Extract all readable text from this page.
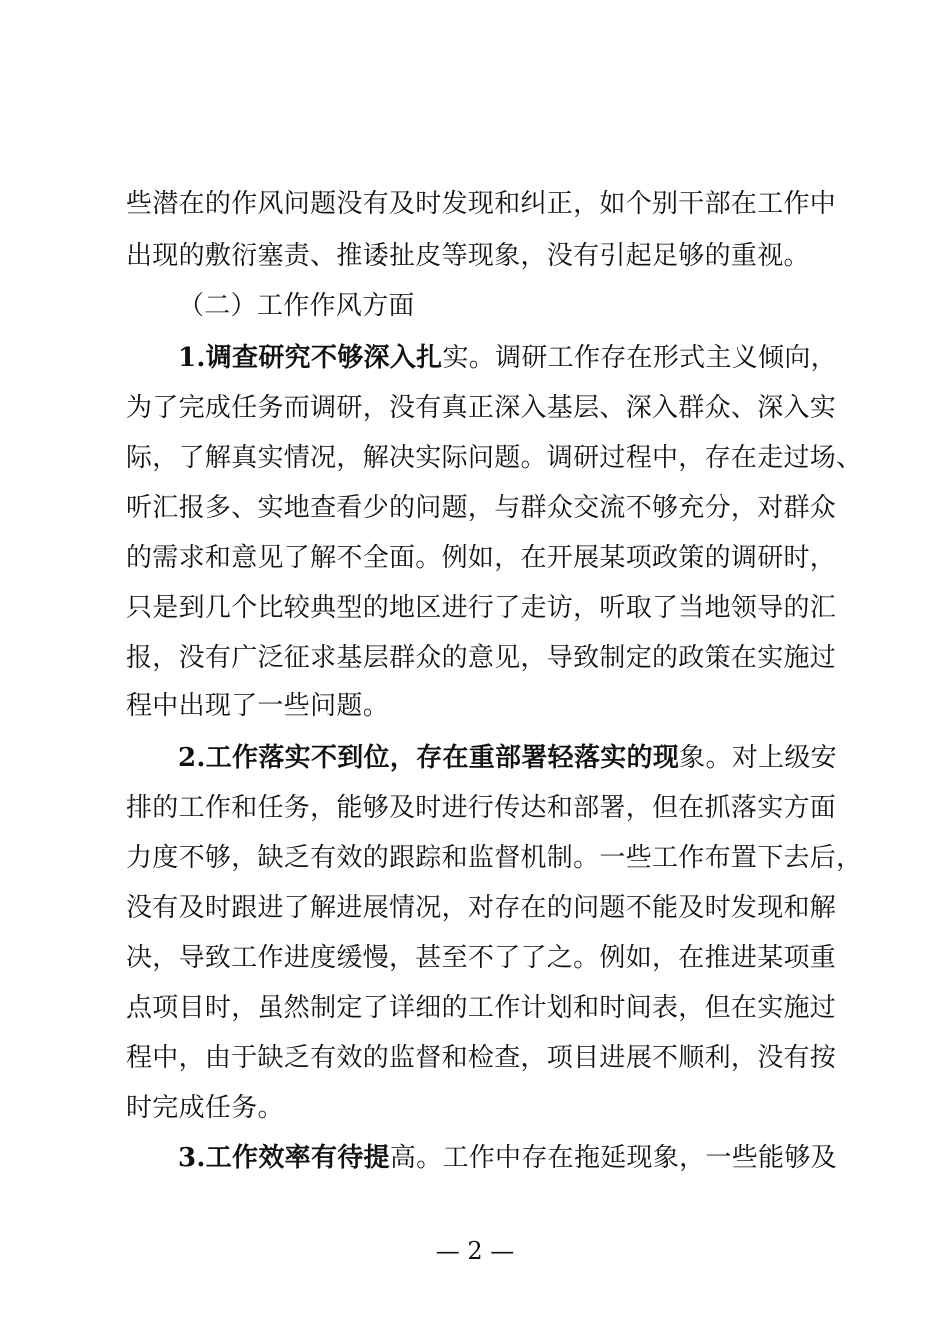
些潜在的作风问题没有及时发现和纠正，如个别干部在工作中
出现的敷衍塞责、推诿扯皮等现象，没有引起足够的重视。
（二）工作作风方面
1.调查研究不够深入扎实。调研工作存在形式主义倾向，
为了完成任务而调研，没有真正深入基层、深入群众、深入实
际，了解真实情况，解决实际问题。调研过程中，存在走过场、
听汇报多、实地查看少的问题，与群众交流不够充分，对群众
的需求和意见了解不全面。例如，在开展某项政策的调研时，
只是到几个比较典型的地区进行了走访，听取了当地领导的汇
报，没有广泛征求基层群众的意见，导致制定的政策在实施过
程中出现了一些问题。
2.工作落实不到位，存在重部署轻落实的现象。对上级安
排的工作和任务，能够及时进行传达和部署，但在抓落实方面
力度不够，缺乏有效的跟踪和监督机制。一些工作布置下去后，
没有及时跟进了解进展情况，对存在的问题不能及时发现和解
决，导致工作进度缓慢，甚至不了了之。例如，在推进某项重
点项目时，虽然制定了详细的工作计划和时间表，但在实施过
程中，由于缺乏有效的监督和检查，项目进展不顺利，没有按
时完成任务。
3.工作效率有待提高。工作中存在拖延现象，一些能够及
— 2 —
